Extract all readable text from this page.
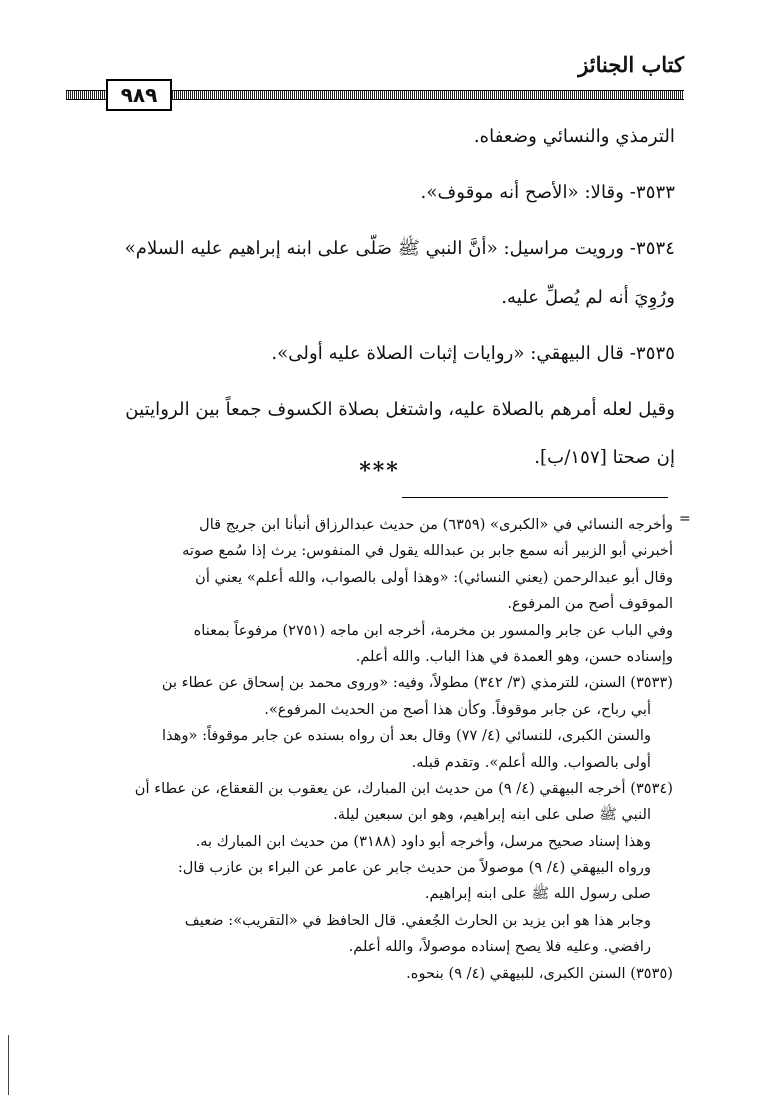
كتاب الجنائز
٩٨٩

الترمذي والنسائي وضعفاه.

٣٥٣٣- وقالا: «الأصح أنه موقوف».

٣٥٣٤- ورويت مراسيل: «أنَّ النبي ﷺ صَلّى على ابنه إبراهيم عليه السلام»

ورُوِيَ أنه لم يُصلِّ عليه.

٣٥٣٥- قال البيهقي: «روايات إثبات الصلاة عليه أولى».

وقيل لعله أمرهم بالصلاة عليه، واشتغل بصلاة الكسوف جمعاً بين الروايتين

إن صحتا [١٥٧/ب].

***
=
وأخرجه النسائي في «الكبرى» (٦٣٥٩) من حديث عبدالرزاق أنبأنا ابن جريج قال
أخبرني أبو الزبير أنه سمع جابر بن عبدالله يقول في المنفوس: يرث إذا سُمع صوته
وقال أبو عبدالرحمن (يعني النسائي): «وهذا أولى بالصواب، والله أعلم» يعني أن
الموقوف أصح من المرفوع.
وفي الباب عن جابر والمسور بن مخرمة، أخرجه ابن ماجه (٢٧٥١) مرفوعاً بمعناه
وإسناده حسن، وهو العمدة في هذا الباب. والله أعلم.
(٣٥٣٣) السنن، للترمذي (٣/ ٣٤٢) مطولاً، وفيه: «وروى محمد بن إسحاق عن عطاء بن
أبي رباح، عن جابر موقوفاً. وكأن هذا أصح من الحديث المرفوع».
والسنن الكبرى، للنسائي (٤/ ٧٧) وقال بعد أن رواه بسنده عن جابر موقوفاً: «وهذا
أولى بالصواب. والله أعلم». وتقدم قبله.
(٣٥٣٤) أخرجه البيهقي (٤/ ٩) من حديث ابن المبارك، عن يعقوب بن القعقاع، عن عطاء أن
النبي ﷺ صلى على ابنه إبراهيم، وهو ابن سبعين ليلة.
وهذا إسناد صحيح مرسل، وأخرجه أبو داود (٣١٨٨) من حديث ابن المبارك به.
ورواه البيهقي (٤/ ٩) موصولاً من حديث جابر عن عامر عن البراء بن عازب قال:
صلى رسول الله ﷺ على ابنه إبراهيم.
وجابر هذا هو ابن يزيد بن الحارث الجُعفي. قال الحافظ في «التقريب»: ضعيف
رافضي. وعليه فلا يصح إسناده موصولاً، والله أعلم.
(٣٥٣٥) السنن الكبرى، للبيهقي (٤/ ٩) بنحوه.
